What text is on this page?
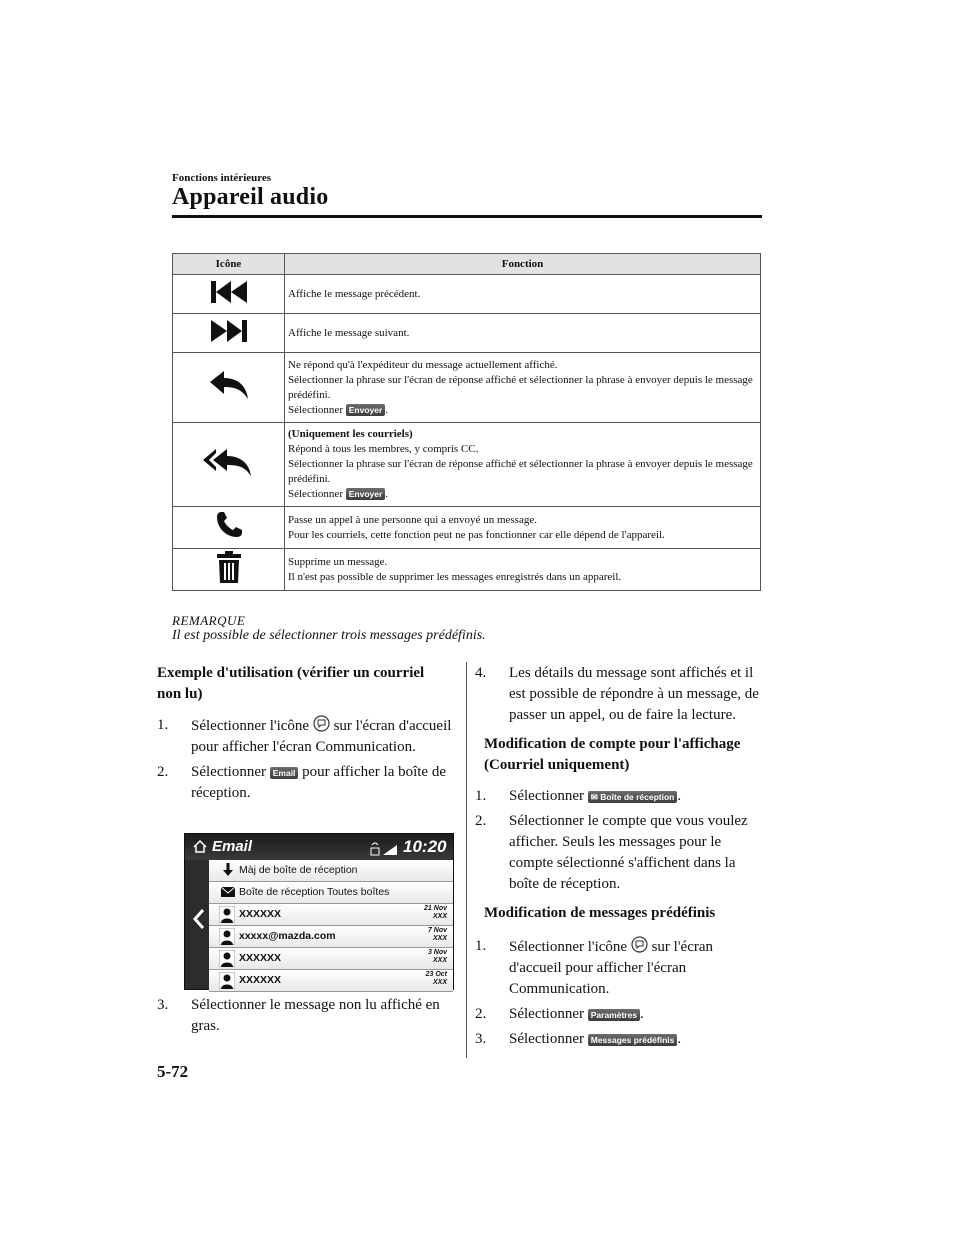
Fonctions intérieures
Appareil audio
Icône	Fonction
	Affiche le message précédent.
	Affiche le message suivant.

Ne répond qu'à l'expéditeur du message actuellement affiché.
Sélectionner la phrase sur l'écran de réponse affiché et sélectionner la phrase à envoyer depuis le message prédéfini.
Sélectionner Envoyer .

(Uniquement les courriels)
Répond à tous les membres, y compris CC.
Sélectionner la phrase sur l'écran de réponse affiché et sélectionner la phrase à envoyer depuis le message prédéfini.
Sélectionner Envoyer .

Passe un appel à une personne qui a envoyé un message.
Pour les courriels, cette fonction peut ne pas fonctionner car elle dépend de l'appareil.

Supprime un message.
Il n'est pas possible de supprimer les messages enregistrés dans un appareil.
REMARQUE
Il est possible de sélectionner trois messages prédéfinis.
Exemple d'utilisation (vérifier un courriel non lu)
1. Sélectionner l'icône sur l'écran d'accueil pour afficher l'écran Communication.
2. Sélectionner Email pour afficher la boîte de réception.
Email	10:20
Màj de boîte de réception
Boîte de réception Toutes boîtes
XXXXXX	21 Nov
XXX
xxxxx@mazda.com	7 Nov
XXX
XXXXXX	3 Nov
XXX
XXXXXX	23 Oct
XXX
3. Sélectionner le message non lu affiché en gras.
4. Les détails du message sont affichés et il est possible de répondre à un message, de passer un appel, ou de faire la lecture.
Modification de compte pour l'affichage (Courriel uniquement)
1. Sélectionner ✉ Boîte de réception .
2. Sélectionner le compte que vous voulez afficher. Seuls les messages pour le compte sélectionné s'affichent dans la boîte de réception.
Modification de messages prédéfinis
1. Sélectionner l'icône sur l'écran d'accueil pour afficher l'écran Communication.
2. Sélectionner Paramètres .
3. Sélectionner Messages prédéfinis .
5-72
